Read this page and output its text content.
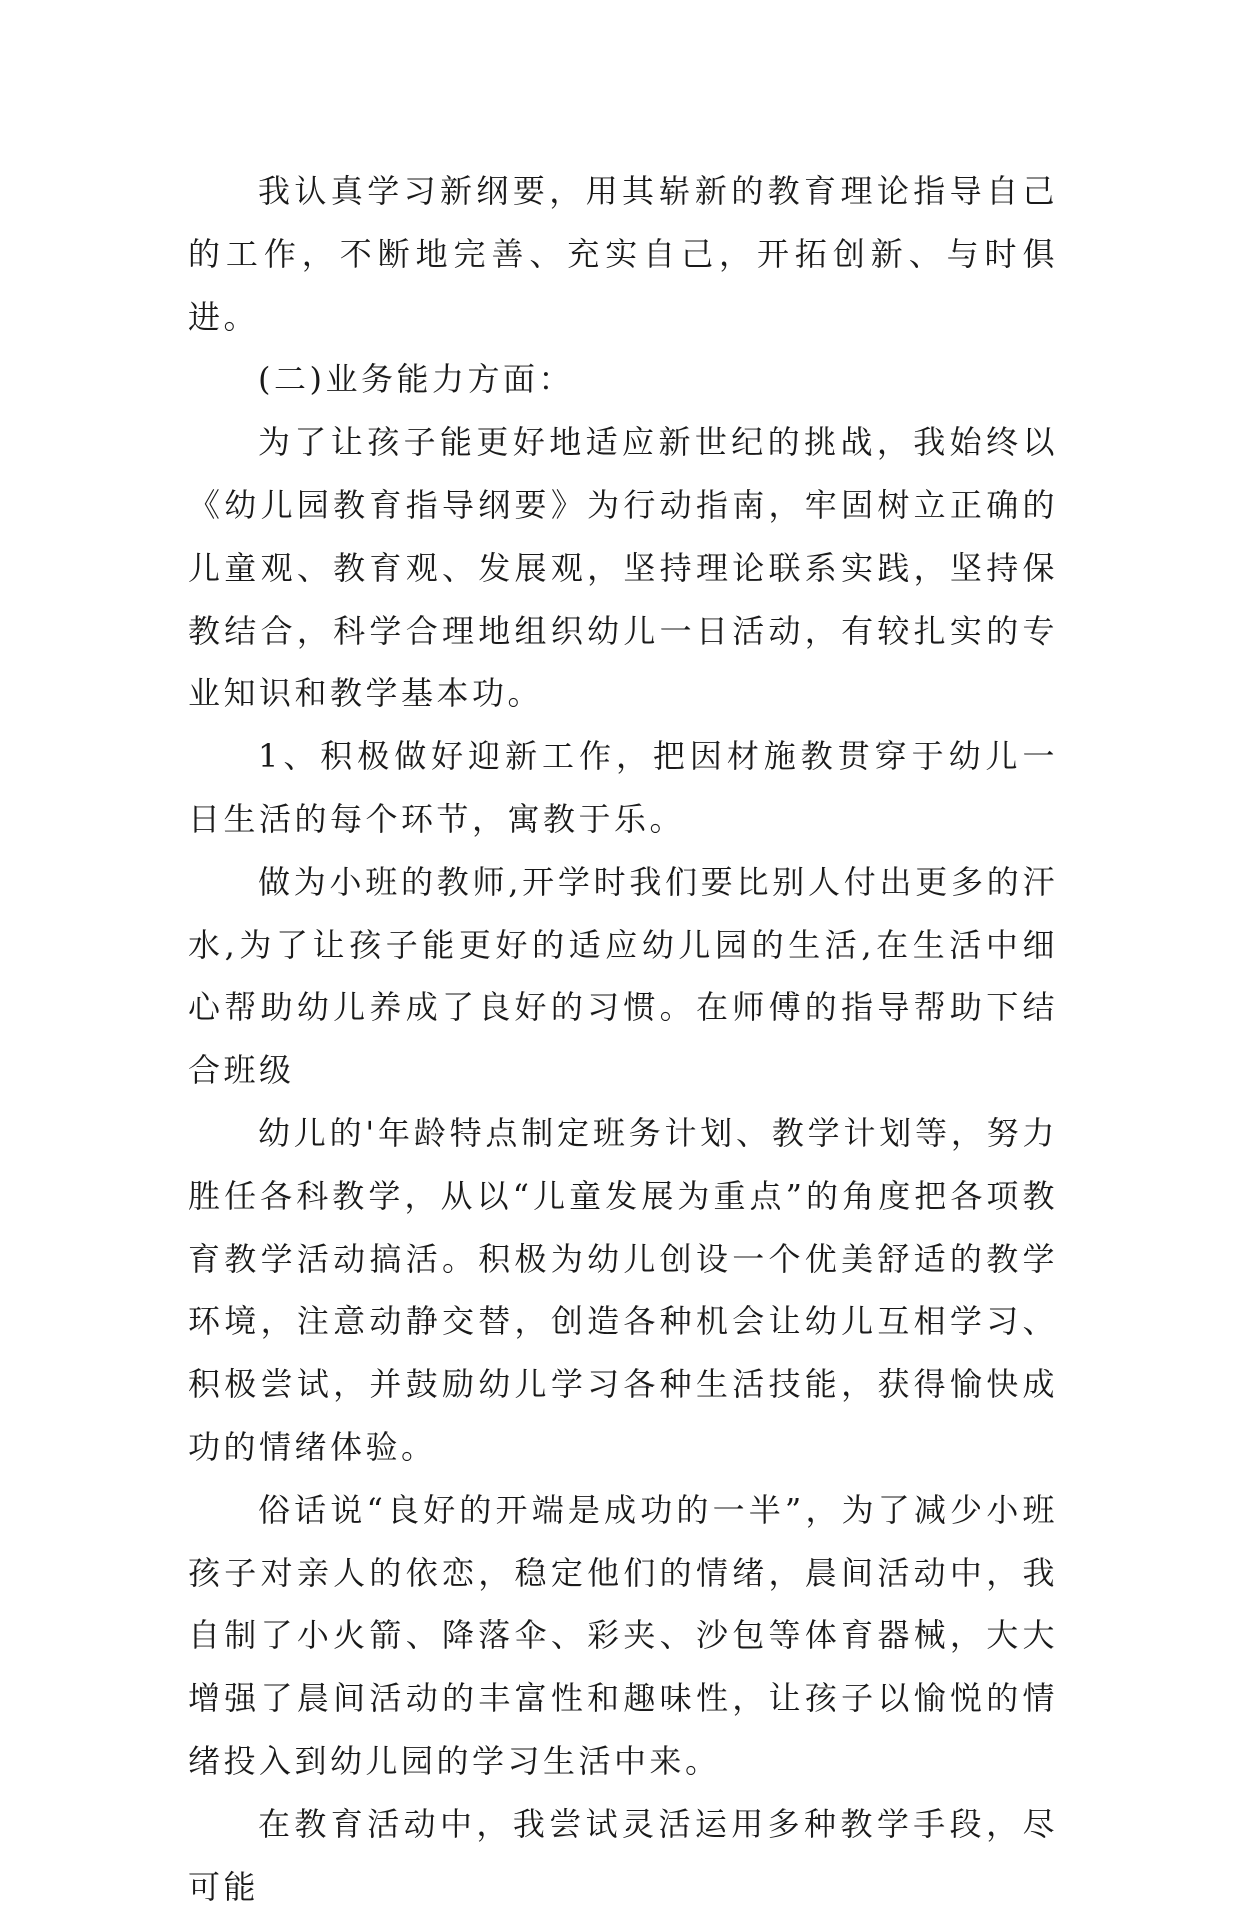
我认真学习新纲要，用其崭新的教育理论指导自己的工作，不断地完善、充实自己，开拓创新、与时俱进。

(二)业务能力方面：

为了让孩子能更好地适应新世纪的挑战，我始终以《幼儿园教育指导纲要》为行动指南，牢固树立正确的儿童观、教育观、发展观，坚持理论联系实践，坚持保教结合，科学合理地组织幼儿一日活动，有较扎实的专业知识和教学基本功。

1、积极做好迎新工作，把因材施教贯穿于幼儿一日生活的每个环节，寓教于乐。

做为小班的教师,开学时我们要比别人付出更多的汗水,为了让孩子能更好的适应幼儿园的生活,在生活中细心帮助幼儿养成了良好的习惯。在师傅的指导帮助下结合班级

幼儿的'年龄特点制定班务计划、教学计划等，努力胜任各科教学，从以“儿童发展为重点”的角度把各项教育教学活动搞活。积极为幼儿创设一个优美舒适的教学环境，注意动静交替，创造各种机会让幼儿互相学习、积极尝试，并鼓励幼儿学习各种生活技能，获得愉快成功的情绪体验。

俗话说“良好的开端是成功的一半”，为了减少小班孩子对亲人的依恋，稳定他们的情绪，晨间活动中，我自制了小火箭、降落伞、彩夹、沙包等体育器械，大大增强了晨间活动的丰富性和趣味性，让孩子以愉悦的情绪投入到幼儿园的学习生活中来。

在教育活动中，我尝试灵活运用多种教学手段，尽可能
